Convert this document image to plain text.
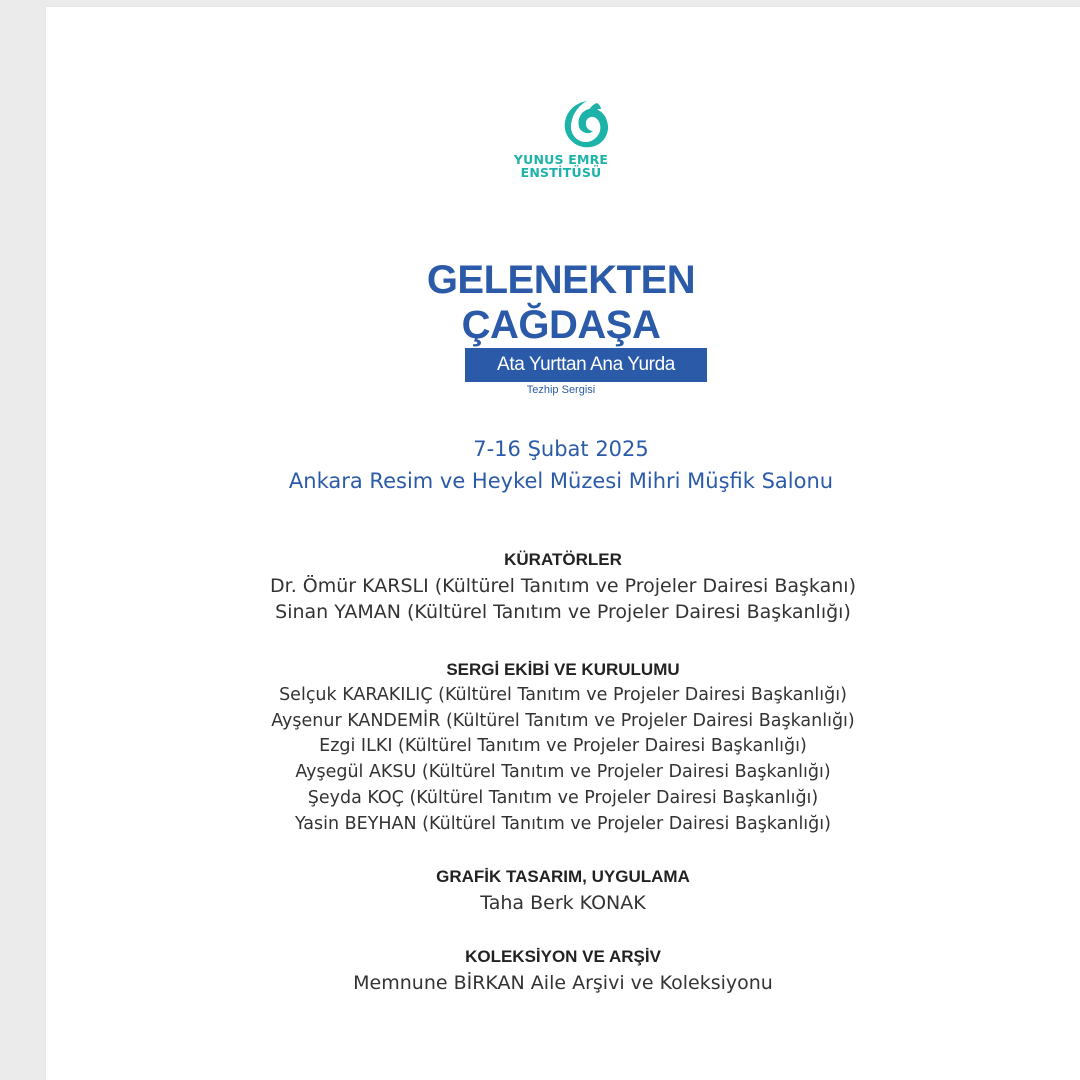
YUNUS EMRE
ENSTİTÜSÜ
GELENEKTEN
ÇAĞDAŞA
Ata Yurttan Ana Yurda
Tezhip Sergisi
7-16 Şubat 2025
Ankara Resim ve Heykel Müzesi Mihri Müşfik Salonu
KÜRATÖRLER
Dr. Ömür KARSLI (Kültürel Tanıtım ve Projeler Dairesi Başkanı)
Sinan YAMAN (Kültürel Tanıtım ve Projeler Dairesi Başkanlığı)
SERGİ EKİBİ VE KURULUMU
Selçuk KARAKILIÇ (Kültürel Tanıtım ve Projeler Dairesi Başkanlığı)
Ayşenur KANDEMİR (Kültürel Tanıtım ve Projeler Dairesi Başkanlığı)
Ezgi ILKI (Kültürel Tanıtım ve Projeler Dairesi Başkanlığı)
Ayşegül AKSU (Kültürel Tanıtım ve Projeler Dairesi Başkanlığı)
Şeyda KOÇ (Kültürel Tanıtım ve Projeler Dairesi Başkanlığı)
Yasin BEYHAN (Kültürel Tanıtım ve Projeler Dairesi Başkanlığı)
GRAFİK TASARIM, UYGULAMA
Taha Berk KONAK
KOLEKSİYON VE ARŞİV
Memnune BİRKAN Aile Arşivi ve Koleksiyonu
